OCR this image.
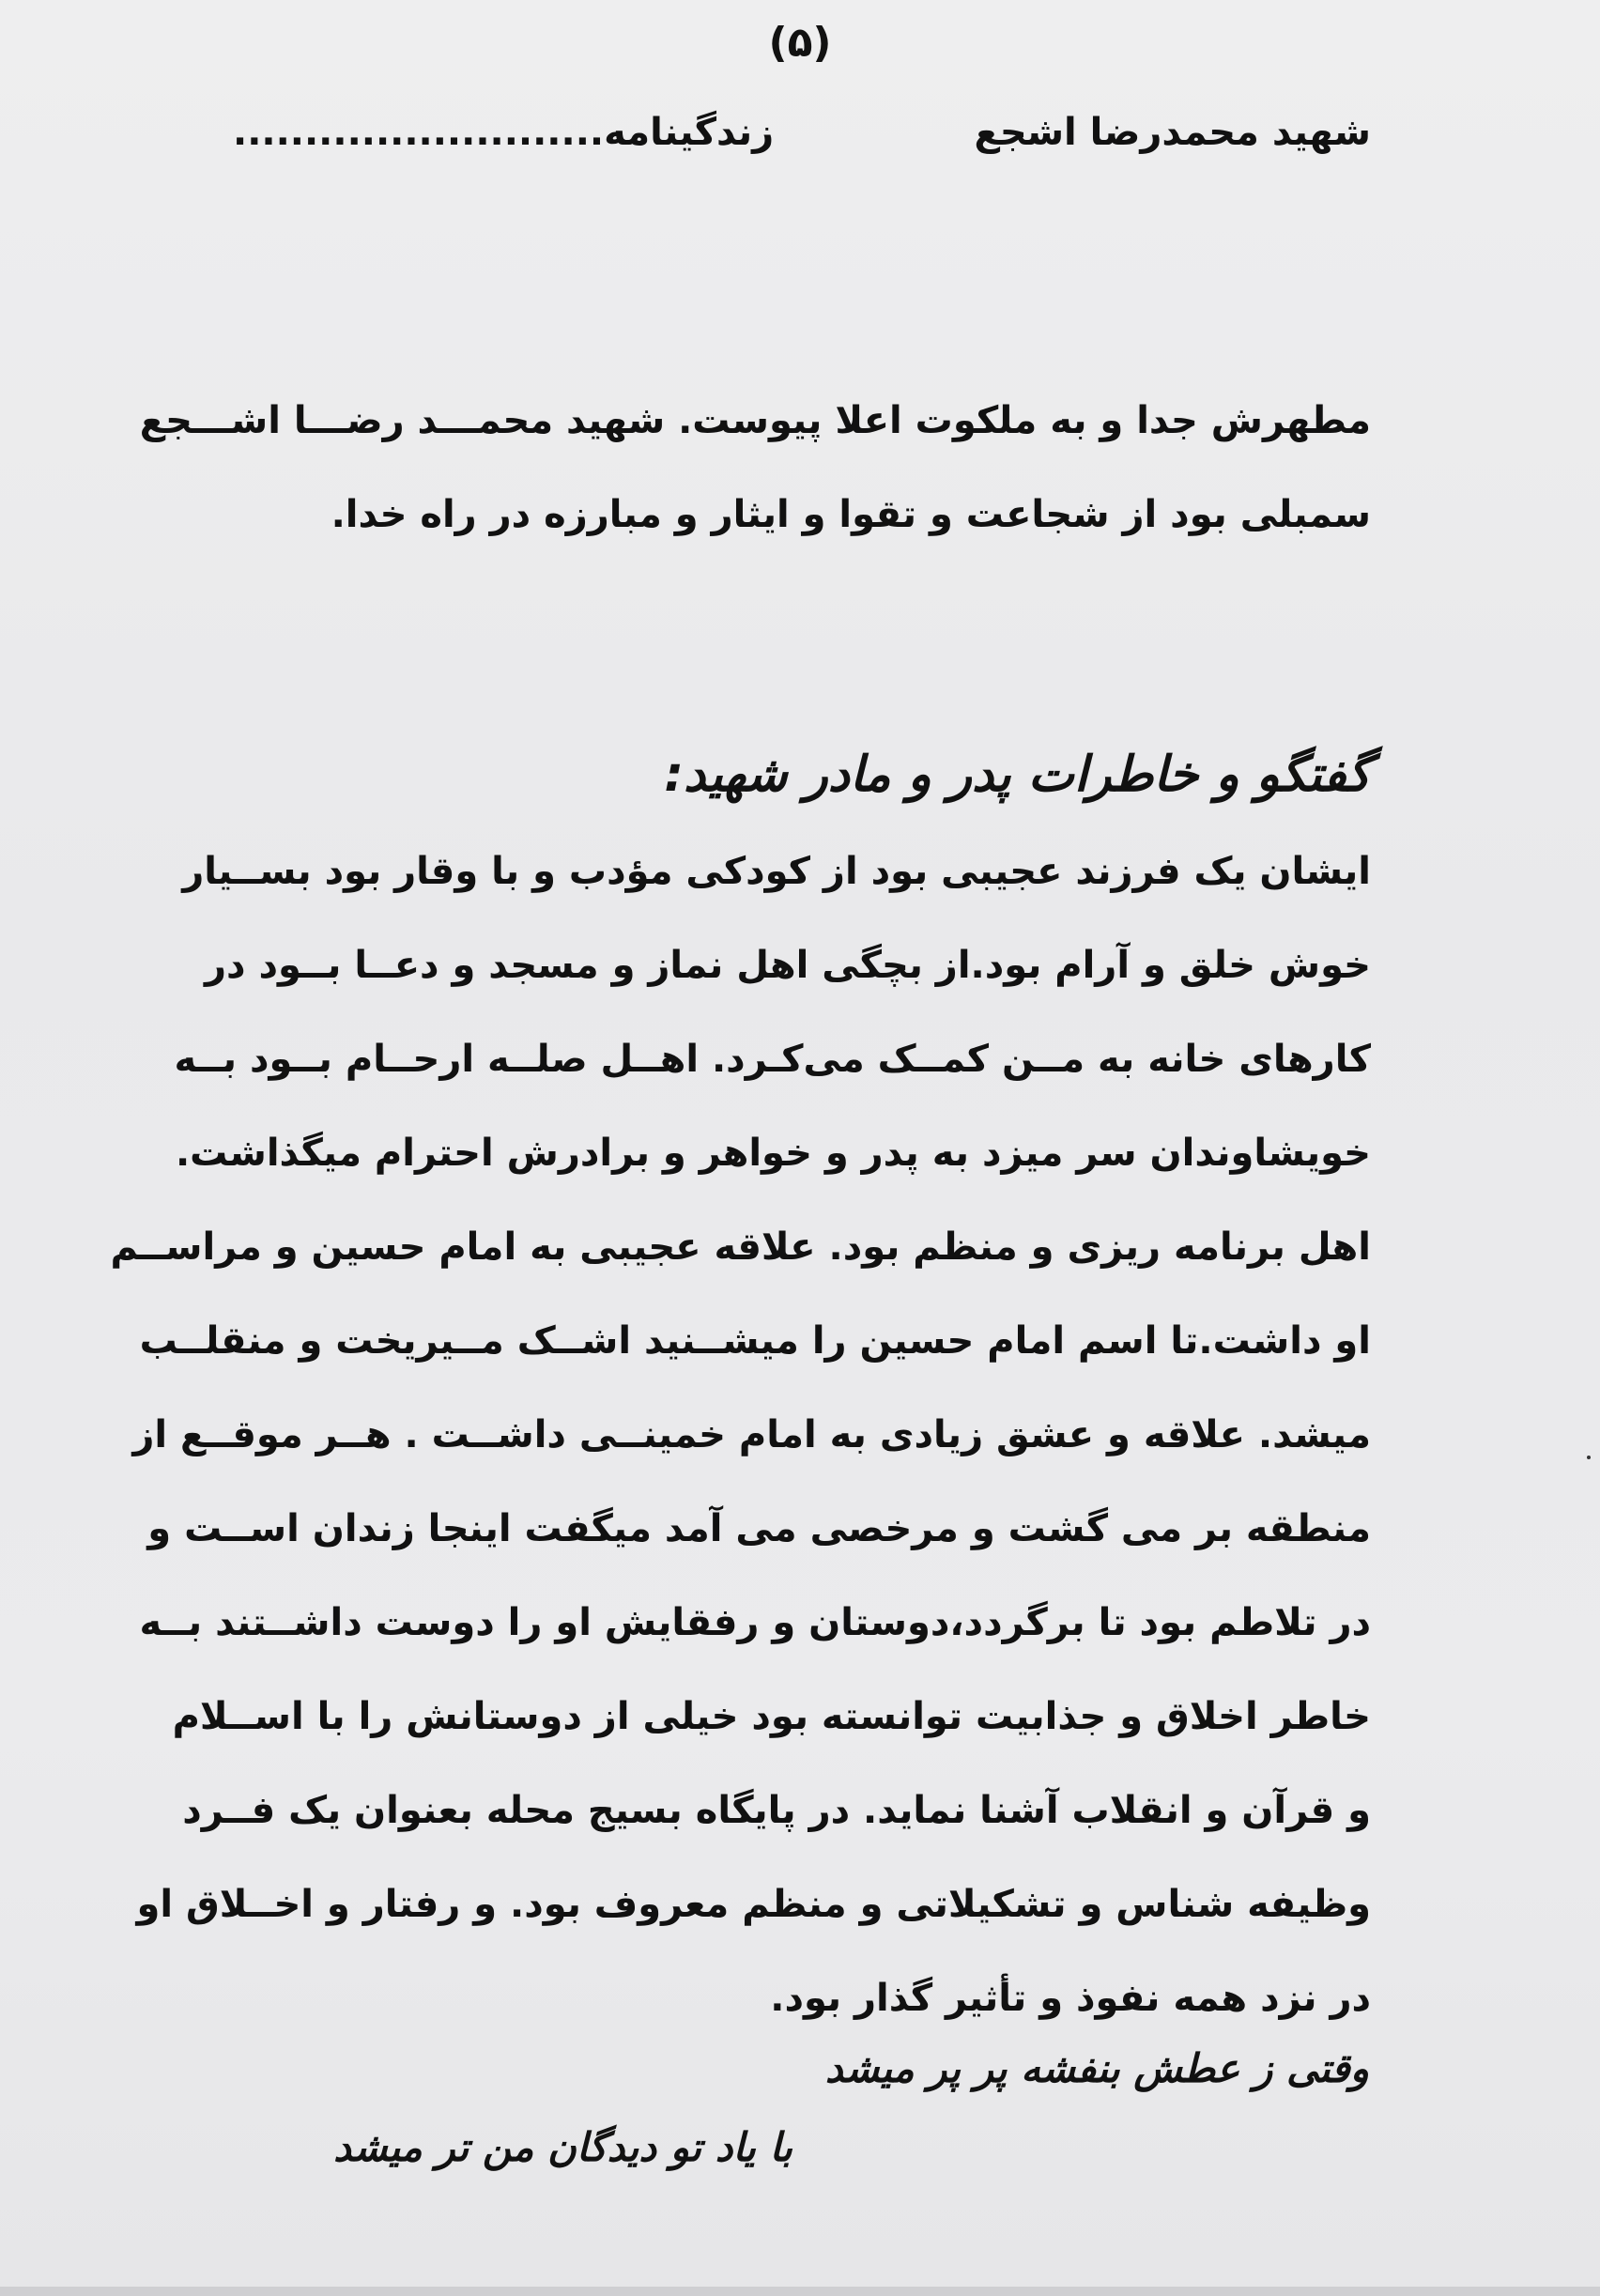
(۵)
زندگینامه..........................	شهید محمدرضا اشجع
مطهرش جدا و به ملکوت اعلا پیوست. شهید محمـــد رضـــا اشـــجع
سمبلی بود از شجاعت و تقوا و ایثار و مبارزه در راه خدا.
گفتگو و خاطرات پدر و مادر شهید:
ایشان یک فرزند عجیبی بود از کودکی مؤدب و با وقار بود بســیار
خوش خلق و آرام بود.از بچگی اهل نماز و مسجد و دعــا بــود در
کارهای خانه به مــن کمــک می‌کـرد. اهــل صلــه ارحــام بــود بــه
خویشاوندان سر میزد به پدر و خواهر و برادرش احترام میگذاشت.
اهل برنامه ریزی و منظم بود. علاقه عجیبی به امام حسین و مراســم
او داشت.تا اسم امام حسین را میشــنید اشــک مــیریخت و منقلــب
میشد. علاقه و عشق زیادی به امام خمینــی داشــت . هــر موقــع از
منطقه بر می گشت و مرخصی می آمد میگفت اینجا زندان اســت و
در تلاطم بود تا برگردد،دوستان و رفقایش او را دوست داشــتند بــه
خاطر اخلاق و جذابیت توانسته بود خیلی از دوستانش را با اســلام
و قرآن و انقلاب آشنا نماید. در پایگاه بسیج محله بعنوان یک فــرد
وظیفه شناس و تشکیلاتی و منظم معروف بود. و رفتار و اخــلاق او
در نزد همه نفوذ و تأثیر گذار بود.
وقتی ز عطش بنفشه پر پر میشد
با یاد تو دیدگان من تر میشد
